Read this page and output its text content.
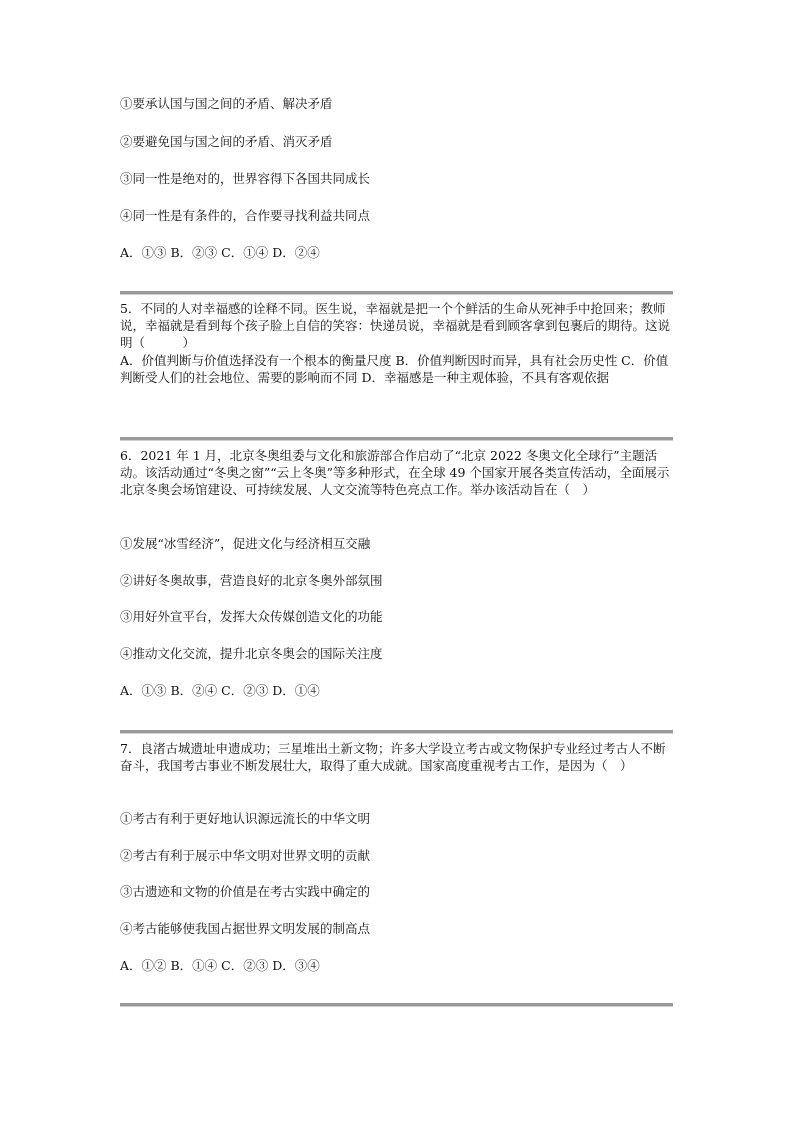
①要承认国与国之间的矛盾、解决矛盾
②要避免国与国之间的矛盾、消灭矛盾
③同一性是绝对的，世界容得下各国共同成长
④同一性是有条件的，合作要寻找利益共同点
A．①③ B．②③ C．①④ D．②④
5．不同的人对幸福感的诠释不同。医生说，幸福就是把一个个鲜活的生命从死神手中抢回来；教师说，幸福就是看到每个孩子脸上自信的笑容：快递员说，幸福就是看到顾客拿到包裹后的期待。这说明（　　　）
A．价值判断与价值选择没有一个根本的衡量尺度 B．价值判断因时而异，具有社会历史性 C．价值判断受人们的社会地位、需要的影响而不同 D．幸福感是一种主观体验，不具有客观依据
6．2021 年 1 月，北京冬奥组委与文化和旅游部合作启动了“北京 2022 冬奥文化全球行”主题活动。该活动通过“冬奥之窗”“云上冬奥”等多种形式，在全球 49 个国家开展各类宣传活动，全面展示北京冬奥会场馆建设、可持续发展、人文交流等特色亮点工作。举办该活动旨在（　）
①发展“冰雪经济”，促进文化与经济相互交融
②讲好冬奥故事，营造良好的北京冬奥外部氛围
③用好外宣平台，发挥大众传媒创造文化的功能
④推动文化交流，提升北京冬奥会的国际关注度
A．①③ B．②④ C．②③ D．①④
7．良渚古城遗址申遗成功；三星堆出土新文物；许多大学设立考古或文物保护专业经过考古人不断奋斗，我国考古事业不断发展壮大，取得了重大成就。国家高度重视考古工作，是因为（　）
①考古有利于更好地认识源远流长的中华文明
②考古有利于展示中华文明对世界文明的贡献
③古遗迹和文物的价值是在考古实践中确定的
④考古能够使我国占据世界文明发展的制高点
A．①② B．①④ C．②③ D．③④
